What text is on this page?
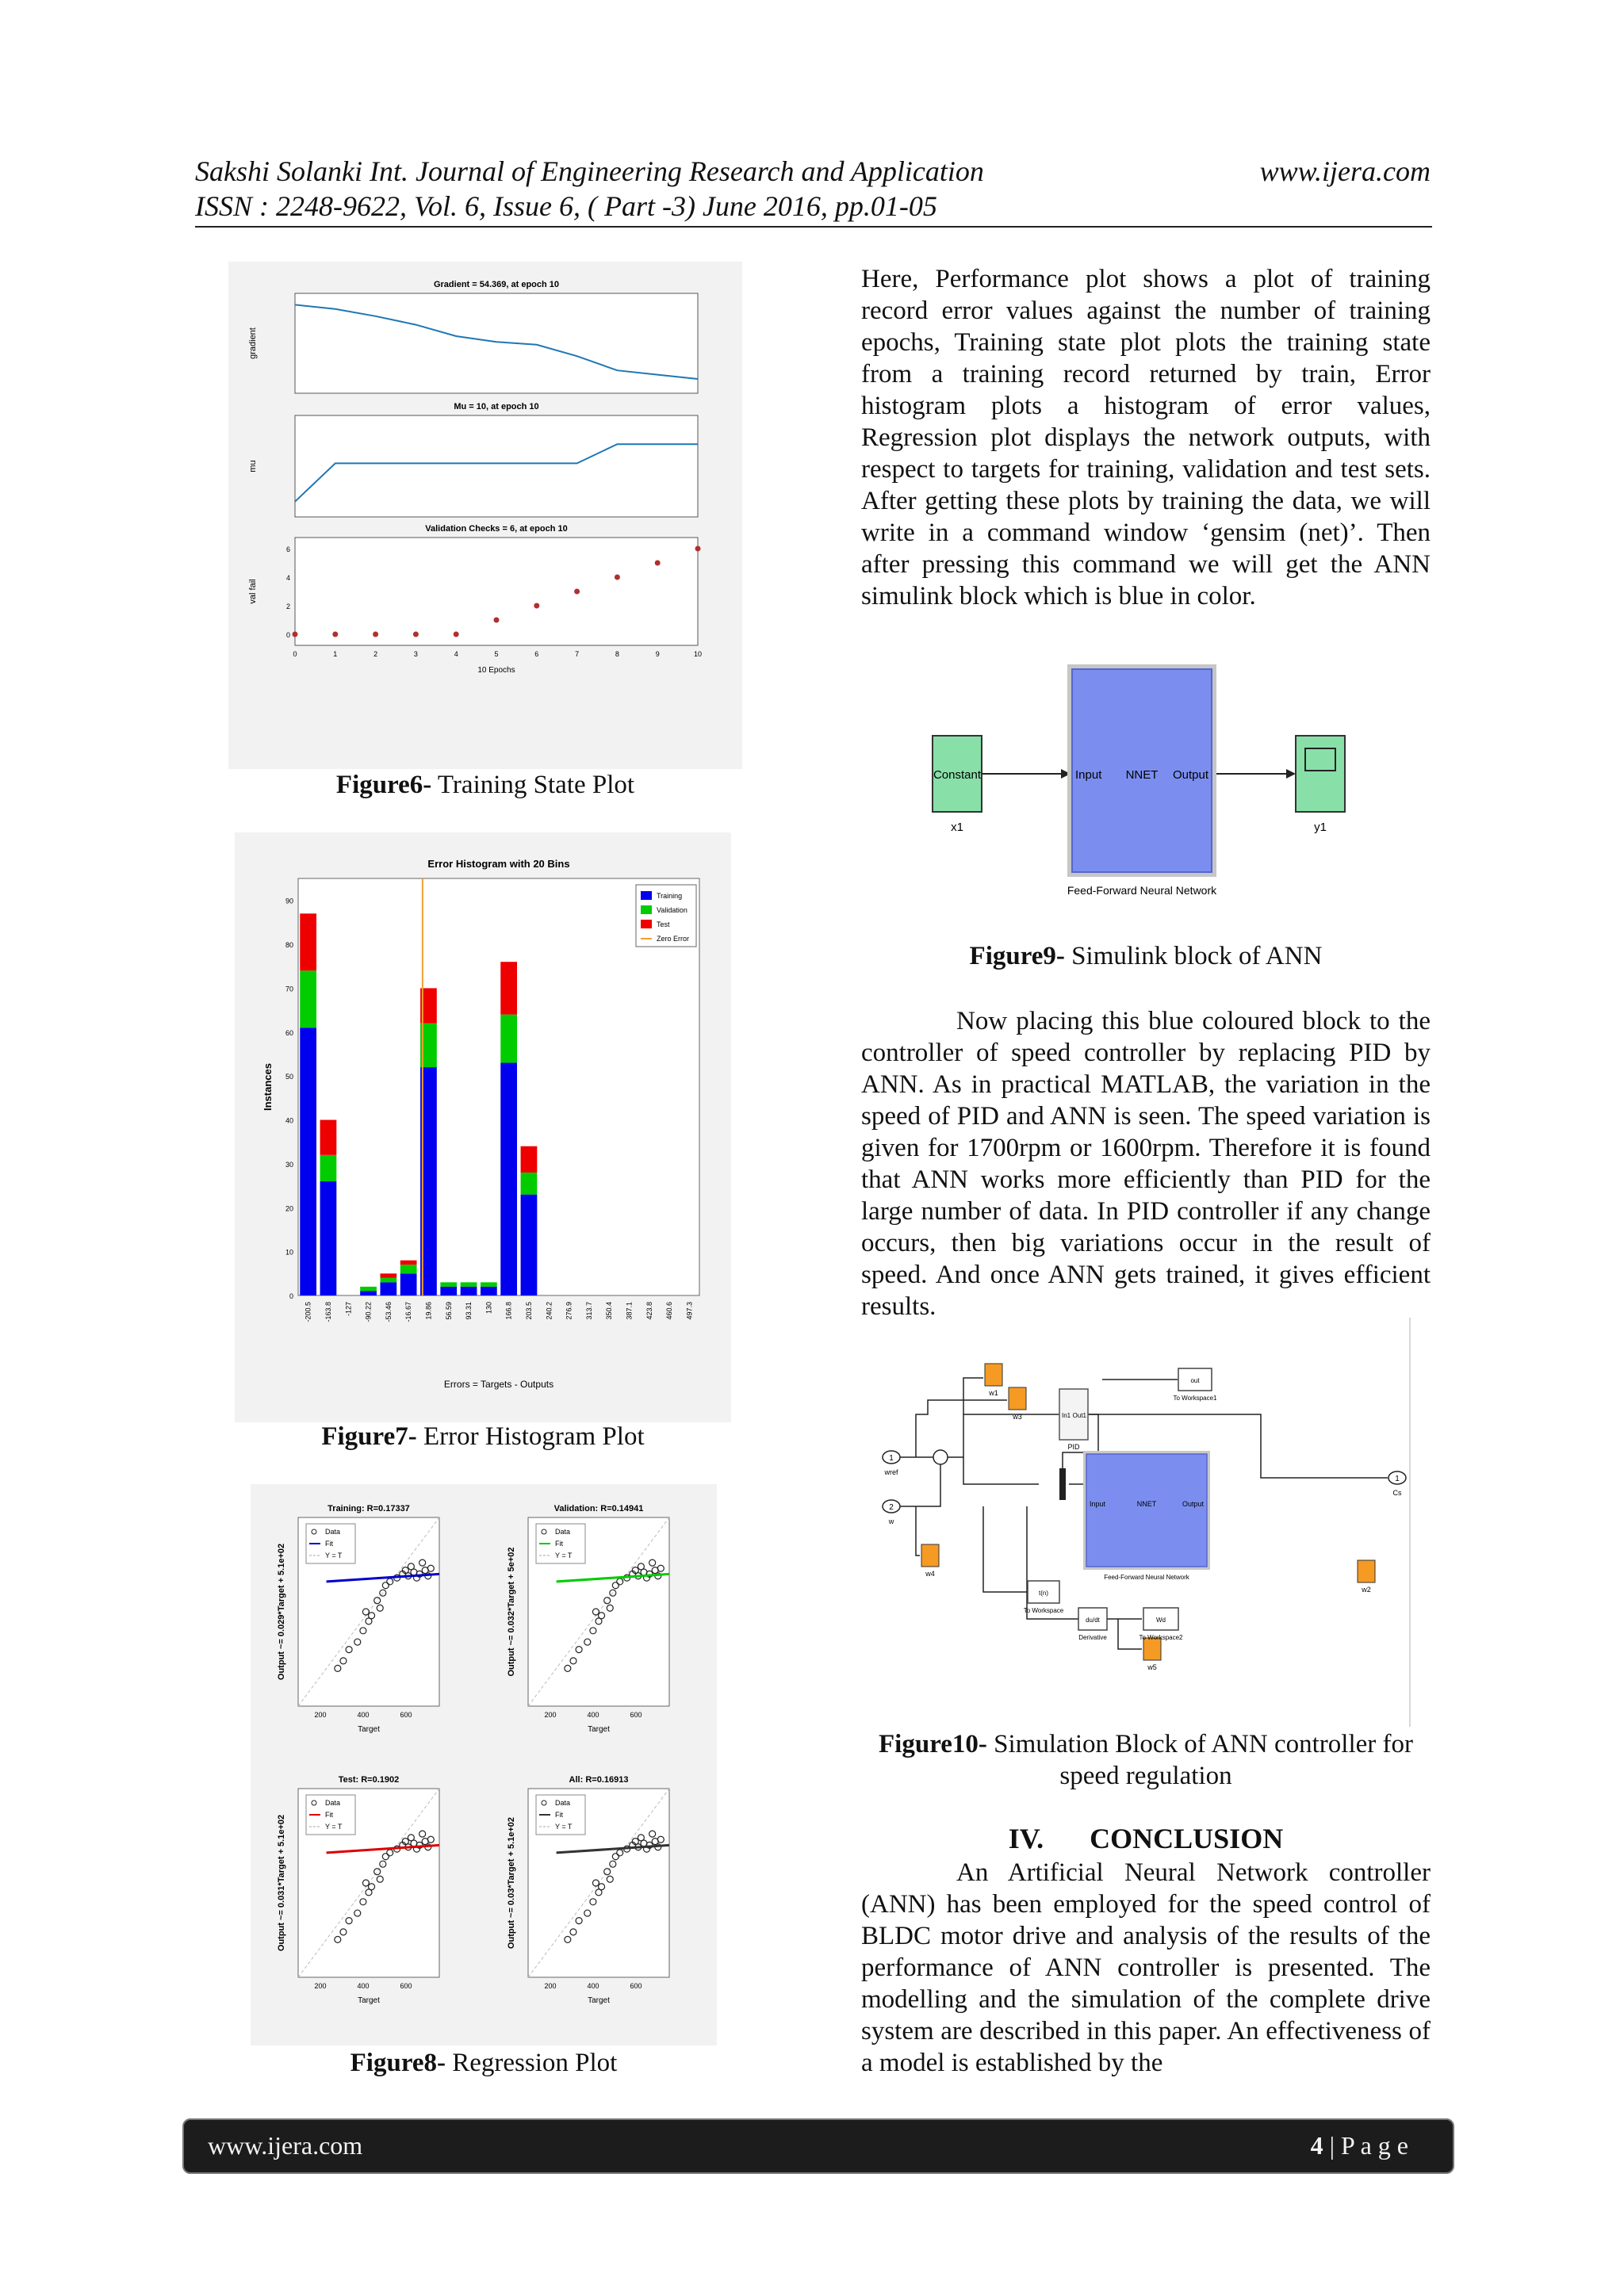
Sakshi Solanki Int. Journal of Engineering Research and Application	www.ijera.com
ISSN : 2248-9622, Vol. 6, Issue 6, ( Part -3) June 2016, pp.01-05
Gradient = 54.369, at epoch 10
gradient
Mu = 10, at epoch 10
mu
Validation Checks = 6, at epoch 10
val fail
0
2
4
6
0	1	2	3	4	5	6	7	8	9	10
10 Epochs
Figure6- Training State Plot
Error Histogram with 20 Bins
Instances
Errors = Targets - Outputs
0
10
20
30
40
50
60
70
80
90
-200.5 -163.8 -127 -90.22 -53.46 -16.67 19.86 56.59 93.31 130 166.8 203.5 240.2 276.9 313.7 350.4 387.1 423.8 460.6 497.3
Training
Validation
Test
Zero Error
Figure7- Error Histogram Plot
Training: R=0.17337
Output ~= 0.029*Target + 5.1e+02
Target
200	400	600
Data
Fit
Y = T
Validation: R=0.14941
Output ~= 0.032*Target + 5e+02
Target
200	400	600
Data
Fit
Y = T
Test: R=0.1902
Output ~= 0.031*Target + 5.1e+02
Target
200	400	600
Data
Fit
Y = T
All: R=0.16913
Output ~= 0.03*Target + 5.1e+02
Target
200	400	600
Data
Fit
Y = T
Figure8- Regression Plot
Here, Performance plot shows a plot of training record error values against the number of training epochs, Training state plot plots the training state from a training record returned by train, Error histogram plots a histogram of error values, Regression plot displays the network outputs, with respect to targets for training, validation and test sets. After getting these plots by training the data, we will write in a command window ‘gensim (net)’. Then after pressing this command we will get the ANN simulink block which is blue in color.
Constant
x1
Input NNET Output
Feed-Forward Neural Network
y1
Figure9- Simulink block of ANN
Now placing this blue coloured block to the controller of speed controller by replacing PID by ANN. As in practical MATLAB, the variation in the speed of PID and ANN is seen. The speed variation is given for 1700rpm or 1600rpm. Therefore it is found that ANN works more efficiently than PID for the large number of data. In PID controller if any change occurs, then big variations occur in the result of speed. And once ANN gets trained, it gives efficient results.
1
wref
2
w
w1
w3
w4
w2
w5
In1 Out1
PID
Input	NNET	Output
Feed-Forward Neural Network
out
To Workspace1
1
Cs
t(n)
To Workspace
du/dt
Derivative
Wd
To Workspace2
Figure10- Simulation Block of ANN controller for
speed regulation
IV. CONCLUSION
An Artificial Neural Network controller (ANN) has been employed for the speed control of BLDC motor drive and analysis of the results of the performance of ANN controller is presented. The modelling and the simulation of the complete drive system are described in this paper. An effectiveness of a model is established by the
www.ijera.com	4 | P a g e
